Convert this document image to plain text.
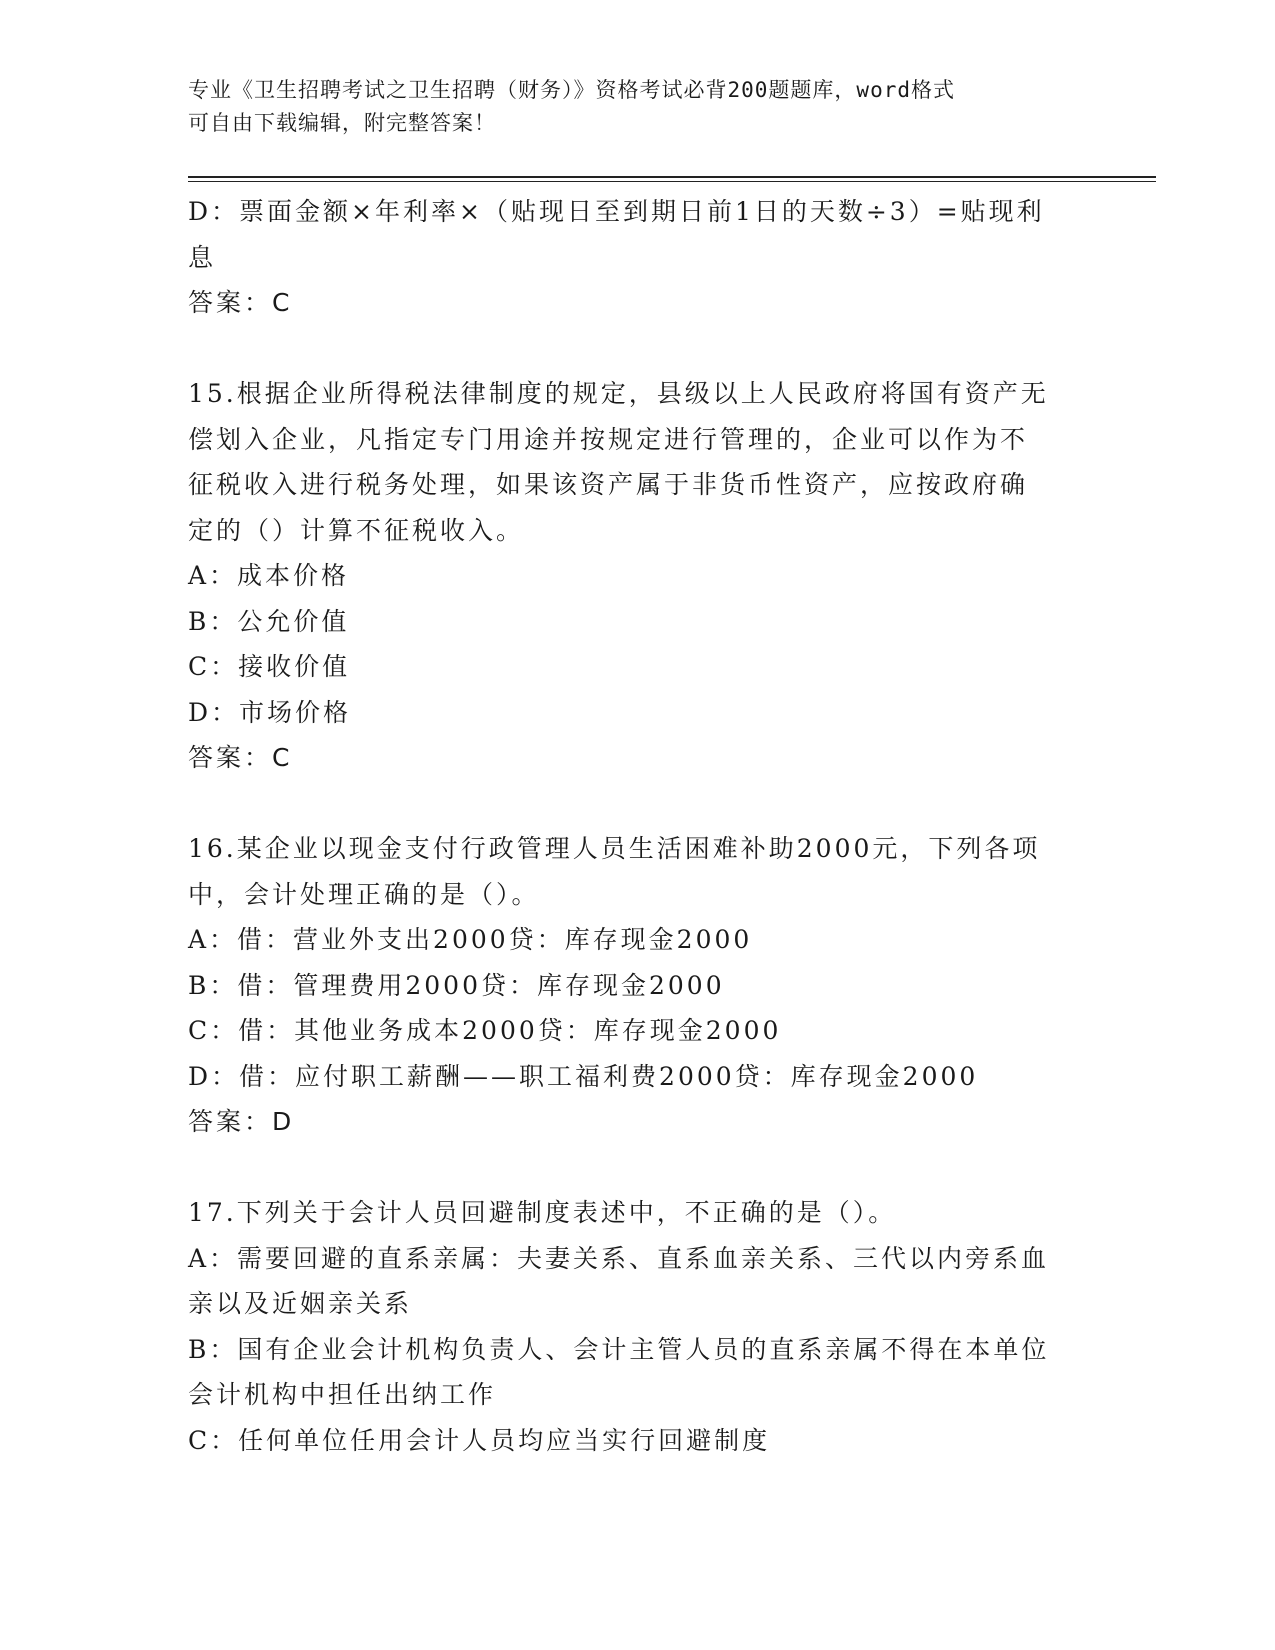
专业《卫生招聘考试之卫生招聘（财务）》资格考试必背200题题库，word格式
可自由下载编辑，附完整答案！
D：票面金额×年利率×（贴现日至到期日前1日的天数÷3）=贴现利
息
答案：C
15.根据企业所得税法律制度的规定，县级以上人民政府将国有资产无
偿划入企业，凡指定专门用途并按规定进行管理的，企业可以作为不
征税收入进行税务处理，如果该资产属于非货币性资产，应按政府确
定的（）计算不征税收入。
A：成本价格
B：公允价值
C：接收价值
D：市场价格
答案：C
16.某企业以现金支付行政管理人员生活困难补助2000元，下列各项
中，会计处理正确的是（）。
A：借：营业外支出2000贷：库存现金2000
B：借：管理费用2000贷：库存现金2000
C：借：其他业务成本2000贷：库存现金2000
D：借：应付职工薪酬——职工福利费2000贷：库存现金2000
答案：D
17.下列关于会计人员回避制度表述中，不正确的是（）。
A：需要回避的直系亲属：夫妻关系、直系血亲关系、三代以内旁系血
亲以及近姻亲关系
B：国有企业会计机构负责人、会计主管人员的直系亲属不得在本单位
会计机构中担任出纳工作
C：任何单位任用会计人员均应当实行回避制度
